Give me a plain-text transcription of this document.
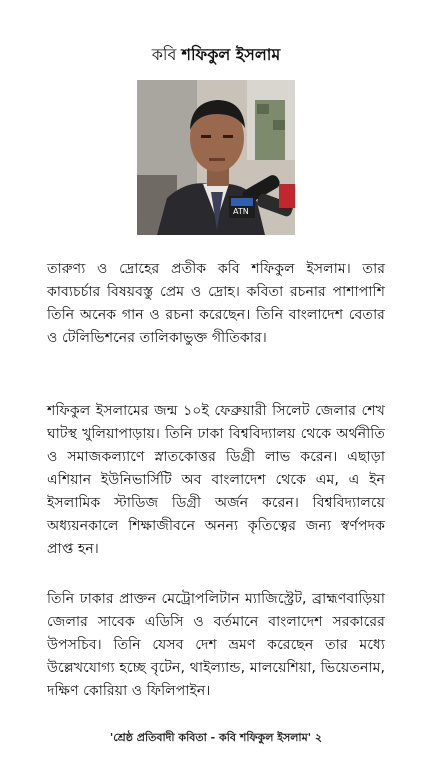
কবি শফিকুল ইসলাম
ATN

তারুণ্য ও দ্রোহের প্রতীক কবি শফিকুল ইসলাম। তার কাব্যচর্চার বিষয়বস্তু প্রেম ও দ্রোহ। কবিতা রচনার পাশাপাশি তিনি অনেক গান ও রচনা করেছেন। তিনি বাংলাদেশ বেতার ও টেলিভিশনের তালিকাভুক্ত গীতিকার।

শফিকুল ইসলামের জন্ম ১০ই ফেব্রুয়ারী সিলেট জেলার শেখ ঘাটস্থ খুলিয়াপাড়ায়। তিনি ঢাকা বিশ্ববিদ্যালয় থেকে অর্থনীতি ও সমাজকল্যাণে স্নাতকোত্তর ডিগ্রী লাভ করেন। এছাড়া এশিয়ান ইউনিভার্সিটি অব বাংলাদেশ থেকে এম, এ ইন ইসলামিক স্টাডিজ ডিগ্রী অর্জন করেন। বিশ্ববিদ্যালয়ে অধ্যয়নকালে শিক্ষাজীবনে অনন্য কৃতিত্বের জন্য স্বর্ণপদক প্রাপ্ত হন।

তিনি ঢাকার প্রাক্তন মেট্রোপলিটান ম্যাজিস্ট্রেট, ব্রাহ্মণবাড়িয়া জেলার সাবেক এডিসি ও বর্তমানে বাংলাদেশ সরকারের উপসচিব। তিনি যেসব দেশ ভ্রমণ করেছেন তার মধ্যে উল্লেখযোগ্য হচ্ছে বৃটেন, থাইল্যান্ড, মালয়েশিয়া, ভিয়েতনাম, দক্ষিণ কোরিয়া ও ফিলিপাইন।

'শ্রেষ্ঠ প্রতিবাদী কবিতা - কবি শফিকুল ইসলাম' ২
